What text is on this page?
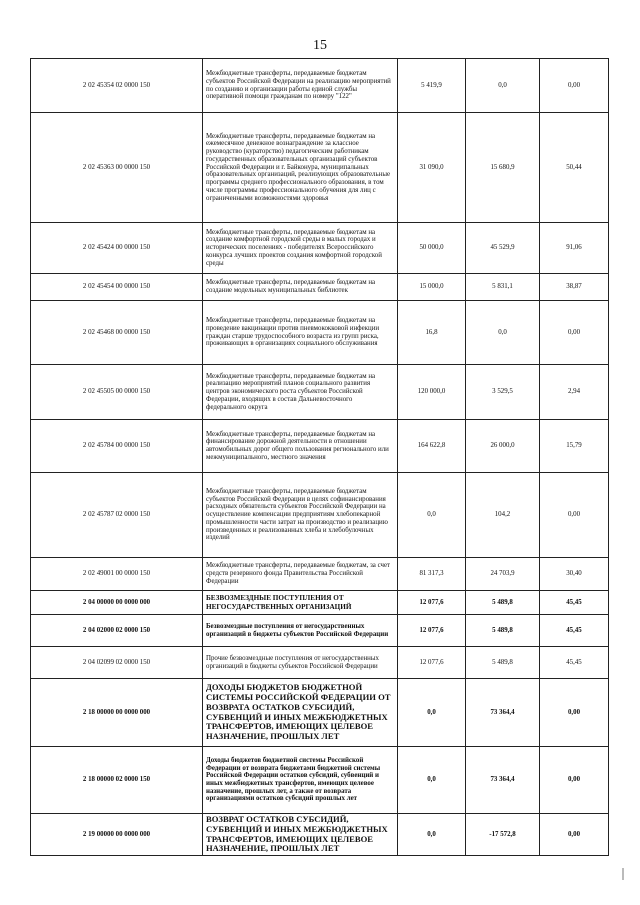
15
2 02 45354 02 0000 150	Межбюджетные трансферты, передаваемые бюджетам субъектов Российской Федерации на реализацию мероприятий по созданию и организации работы единой службы оперативной помощи гражданам по номеру "122"	5 419,9	0,0	0,00
2 02 45363 00 0000 150	Межбюджетные трансферты, передаваемые бюджетам на ежемесячное денежное вознаграждение за классное руководство (кураторство) педагогическим работникам государственных образовательных организаций субъектов Российской Федерации и г. Байконура, муниципальных образовательных организаций, реализующих образовательные программы среднего профессионального образования, в том числе программы профессионального обучения для лиц с ограниченными возможностями здоровья	31 090,0	15 680,9	50,44
2 02 45424 00 0000 150	Межбюджетные трансферты, передаваемые бюджетам на создание комфортной городской среды в малых городах и исторических поселениях - победителях Всероссийского конкурса лучших проектов создания комфортной городской среды	50 000,0	45 529,9	91,06
2 02 45454 00 0000 150	Межбюджетные трансферты, передаваемые бюджетам на создание модельных муниципальных библиотек	15 000,0	5 831,1	38,87
2 02 45468 00 0000 150	Межбюджетные трансферты, передаваемые бюджетам на проведение вакцинации против пневмококковой инфекции граждан старше трудоспособного возраста из групп риска, проживающих в организациях социального обслуживания	16,8	0,0	0,00
2 02 45505 00 0000 150	Межбюджетные трансферты, передаваемые бюджетам на реализацию мероприятий планов социального развития центров экономического роста субъектов Российской Федерации, входящих в состав Дальневосточного федерального округа	120 000,0	3 529,5	2,94
2 02 45784 00 0000 150	Межбюджетные трансферты, передаваемые бюджетам на финансирование дорожной деятельности в отношении автомобильных дорог общего пользования регионального или межмуниципального, местного значения	164 622,8	26 000,0	15,79
2 02 45787 02 0000 150	Межбюджетные трансферты, передаваемые бюджетам субъектов Российской Федерации в целях софинансирования расходных обязательств субъектов Российской Федерации на осуществление компенсации предприятиям хлебопекарной промышленности части затрат на производство и реализацию произведенных и реализованных хлеба и хлебобулочных изделий	0,0	104,2	0,00
2 02 49001 00 0000 150	Межбюджетные трансферты, передаваемые бюджетам, за счет средств резервного фонда Правительства Российской Федерации	81 317,3	24 703,9	30,40
2 04 00000 00 0000 000	БЕЗВОЗМЕЗДНЫЕ ПОСТУПЛЕНИЯ ОТ НЕГОСУДАРСТВЕННЫХ ОРГАНИЗАЦИЙ	12 077,6	5 489,8	45,45
2 04 02000 02 0000 150	Безвозмездные поступления от негосударственных организаций в бюджеты субъектов Российской Федерации	12 077,6	5 489,8	45,45
2 04 02099 02 0000 150	Прочие безвозмездные поступления от негосударственных организаций в бюджеты субъектов Российской Федерации	12 077,6	5 489,8	45,45
2 18 00000 00 0000 000	ДОХОДЫ БЮДЖЕТОВ БЮДЖЕТНОЙ СИСТЕМЫ РОССИЙСКОЙ ФЕДЕРАЦИИ ОТ ВОЗВРАТА ОСТАТКОВ СУБСИДИЙ, СУБВЕНЦИЙ И ИНЫХ МЕЖБЮДЖЕТНЫХ ТРАНСФЕРТОВ, ИМЕЮЩИХ ЦЕЛЕВОЕ НАЗНАЧЕНИЕ, ПРОШЛЫХ ЛЕТ	0,0	73 364,4	0,00
2 18 00000 02 0000 150	Доходы бюджетов бюджетной системы Российской Федерации от возврата бюджетами бюджетной системы Российской Федерации остатков субсидий, субвенций и иных межбюджетных трансфертов, имеющих целевое назначение, прошлых лет, а также от возврата организациями остатков субсидий прошлых лет	0,0	73 364,4	0,00
2 19 00000 00 0000 000	ВОЗВРАТ ОСТАТКОВ СУБСИДИЙ, СУБВЕНЦИЙ И ИНЫХ МЕЖБЮДЖЕТНЫХ ТРАНСФЕРТОВ, ИМЕЮЩИХ ЦЕЛЕВОЕ НАЗНАЧЕНИЕ, ПРОШЛЫХ ЛЕТ	0,0	-17 572,8	0,00
